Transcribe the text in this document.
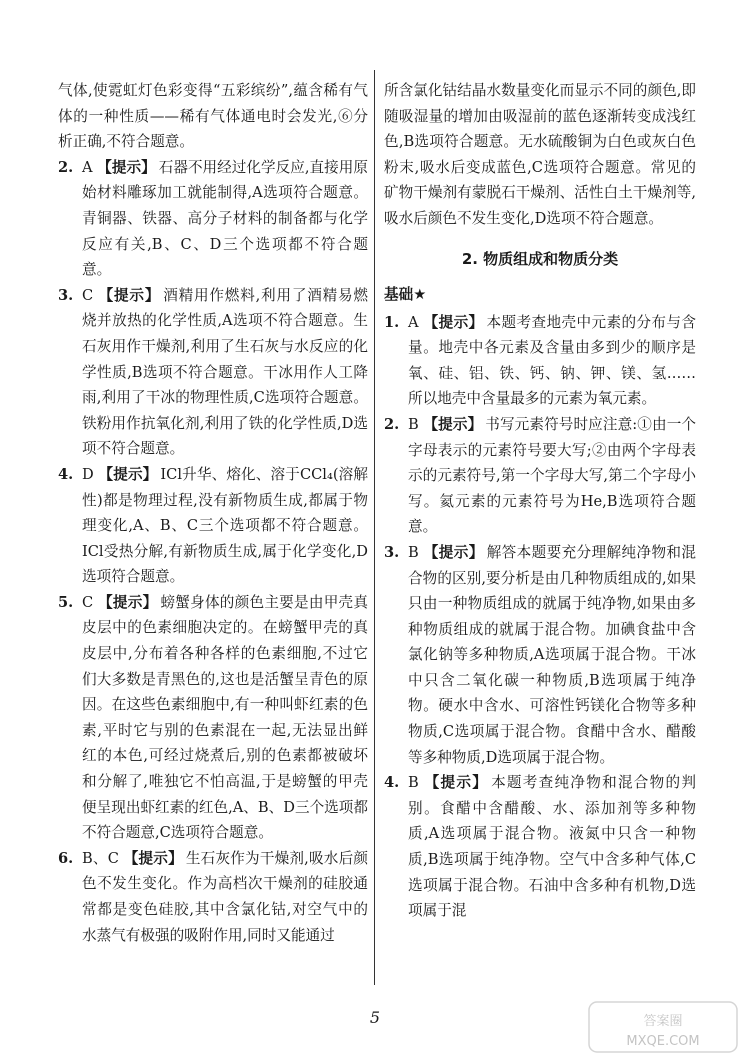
气体,使霓虹灯色彩变得“五彩缤纷”,蕴含稀有气体的一种性质——稀有气体通电时会发光,⑥分析正确,不符合题意。

2. A 【提示】 石器不用经过化学反应,直接用原始材料雕琢加工就能制得,A选项符合题意。青铜器、铁器、高分子材料的制备都与化学反应有关,B、C、D三个选项都不符合题意。

3. C 【提示】 酒精用作燃料,利用了酒精易燃烧并放热的化学性质,A选项不符合题意。生石灰用作干燥剂,利用了生石灰与水反应的化学性质,B选项不符合题意。干冰用作人工降雨,利用了干冰的物理性质,C选项符合题意。铁粉用作抗氧化剂,利用了铁的化学性质,D选项不符合题意。

4. D 【提示】 ICl升华、熔化、溶于CCl₄(溶解性)都是物理过程,没有新物质生成,都属于物理变化,A、B、C三个选项都不符合题意。ICl受热分解,有新物质生成,属于化学变化,D选项符合题意。

5. C 【提示】 螃蟹身体的颜色主要是由甲壳真皮层中的色素细胞决定的。在螃蟹甲壳的真皮层中,分布着各种各样的色素细胞,不过它们大多数是青黑色的,这也是活蟹呈青色的原因。在这些色素细胞中,有一种叫虾红素的色素,平时它与别的色素混在一起,无法显出鲜红的本色,可经过烧煮后,别的色素都被破坏和分解了,唯独它不怕高温,于是螃蟹的甲壳便呈现出虾红素的红色,A、B、D三个选项都不符合题意,C选项符合题意。

6. B、C 【提示】 生石灰作为干燥剂,吸水后颜色不发生变化。作为高档次干燥剂的硅胶通常都是变色硅胶,其中含氯化钴,对空气中的水蒸气有极强的吸附作用,同时又能通过

所含氯化钴结晶水数量变化而显示不同的颜色,即随吸湿量的增加由吸湿前的蓝色逐渐转变成浅红色,B选项符合题意。无水硫酸铜为白色或灰白色粉末,吸水后变成蓝色,C选项符合题意。常见的矿物干燥剂有蒙脱石干燥剂、活性白土干燥剂等,吸水后颜色不发生变化,D选项不符合题意。

2. 物质组成和物质分类
基础★

1. A 【提示】 本题考查地壳中元素的分布与含量。地壳中各元素及含量由多到少的顺序是氧、硅、铝、铁、钙、钠、钾、镁、氢……所以地壳中含量最多的元素为氧元素。

2. B 【提示】 书写元素符号时应注意:①由一个字母表示的元素符号要大写;②由两个字母表示的元素符号,第一个字母大写,第二个字母小写。氦元素的元素符号为He,B选项符合题意。

3. B 【提示】 解答本题要充分理解纯净物和混合物的区别,要分析是由几种物质组成的,如果只由一种物质组成的就属于纯净物,如果由多种物质组成的就属于混合物。加碘食盐中含氯化钠等多种物质,A选项属于混合物。干冰中只含二氧化碳一种物质,B选项属于纯净物。硬水中含水、可溶性钙镁化合物等多种物质,C选项属于混合物。食醋中含水、醋酸等多种物质,D选项属于混合物。

4. B 【提示】 本题考查纯净物和混合物的判别。食醋中含醋酸、水、添加剂等多种物质,A选项属于混合物。液氮中只含一种物质,B选项属于纯净物。空气中含多种气体,C选项属于混合物。石油中含多种有机物,D选项属于混

5	答案圈
MXQE.COM
